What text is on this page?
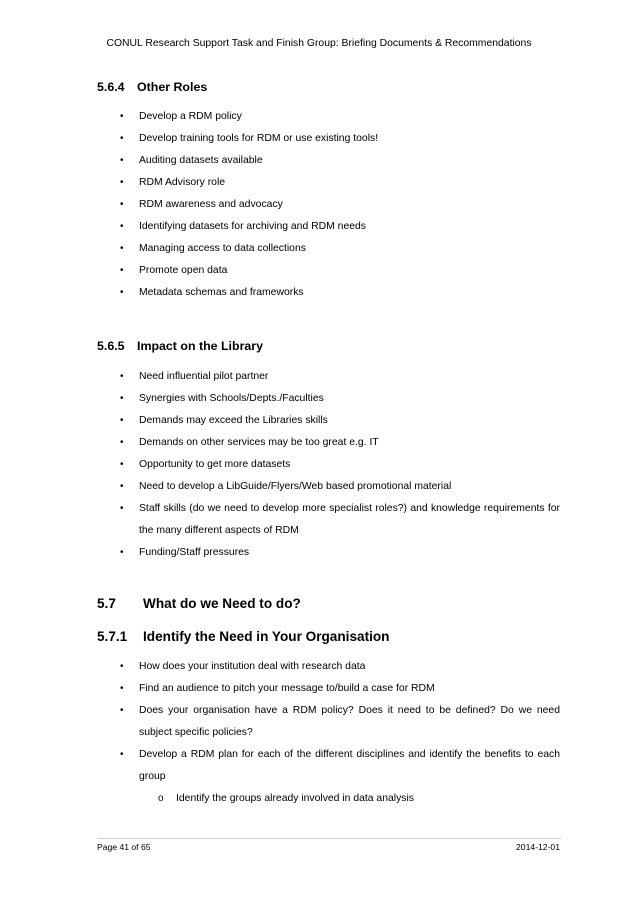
CONUL Research Support Task and Finish Group: Briefing Documents & Recommendations
5.6.4 Other Roles
• Develop a RDM policy
• Develop training tools for RDM or use existing tools!
• Auditing datasets available
• RDM Advisory role
• RDM awareness and advocacy
• Identifying datasets for archiving and RDM needs
• Managing access to data collections
• Promote open data
• Metadata schemas and frameworks
5.6.5 Impact on the Library
• Need influential pilot partner
• Synergies with Schools/Depts./Faculties
• Demands may exceed the Libraries skills
• Demands on other services may be too great e.g. IT
• Opportunity to get more datasets
• Need to develop a LibGuide/Flyers/Web based promotional material
• Staff skills (do we need to develop more specialist roles?) and knowledge requirements for the many different aspects of RDM
• Funding/Staff pressures
5.7 What do we Need to do?
5.7.1 Identify the Need in Your Organisation
• How does your institution deal with research data
• Find an audience to pitch your message to/build a case for RDM
• Does your organisation have a RDM policy? Does it need to be defined? Do we need subject specific policies?
• Develop a RDM plan for each of the different disciplines and identify the benefits to each group
o Identify the groups already involved in data analysis
Page 41 of 65	2014-12-01
